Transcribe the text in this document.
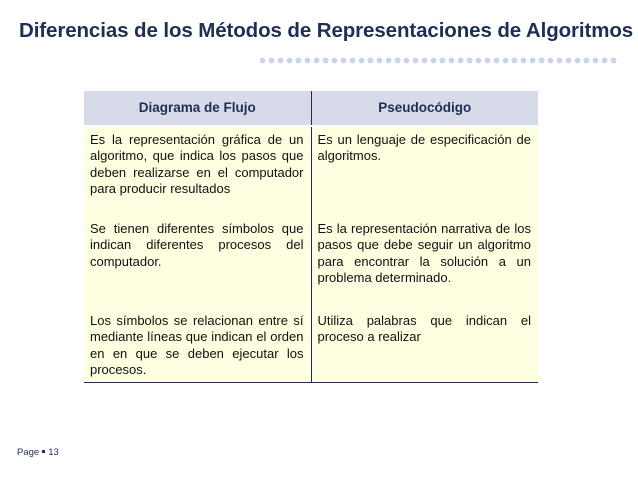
Diferencias de los Métodos de Representaciones de Algoritmos
Diagrama de Flujo	Pseudocódigo
Es la representación gráfica de un algoritmo, que indica los pasos que deben realizarse en el computador para producir resultados	Es un lenguaje de especificación de algoritmos.
Se tienen diferentes símbolos que indican diferentes procesos del computador.	Es la representación narrativa de los pasos que debe seguir un algoritmo para encontrar la solución a un problema determinado.
Los símbolos se relacionan entre sí mediante líneas que indican el orden en en que se deben ejecutar los procesos.	Utiliza palabras que indican el proceso a realizar
Page 13
